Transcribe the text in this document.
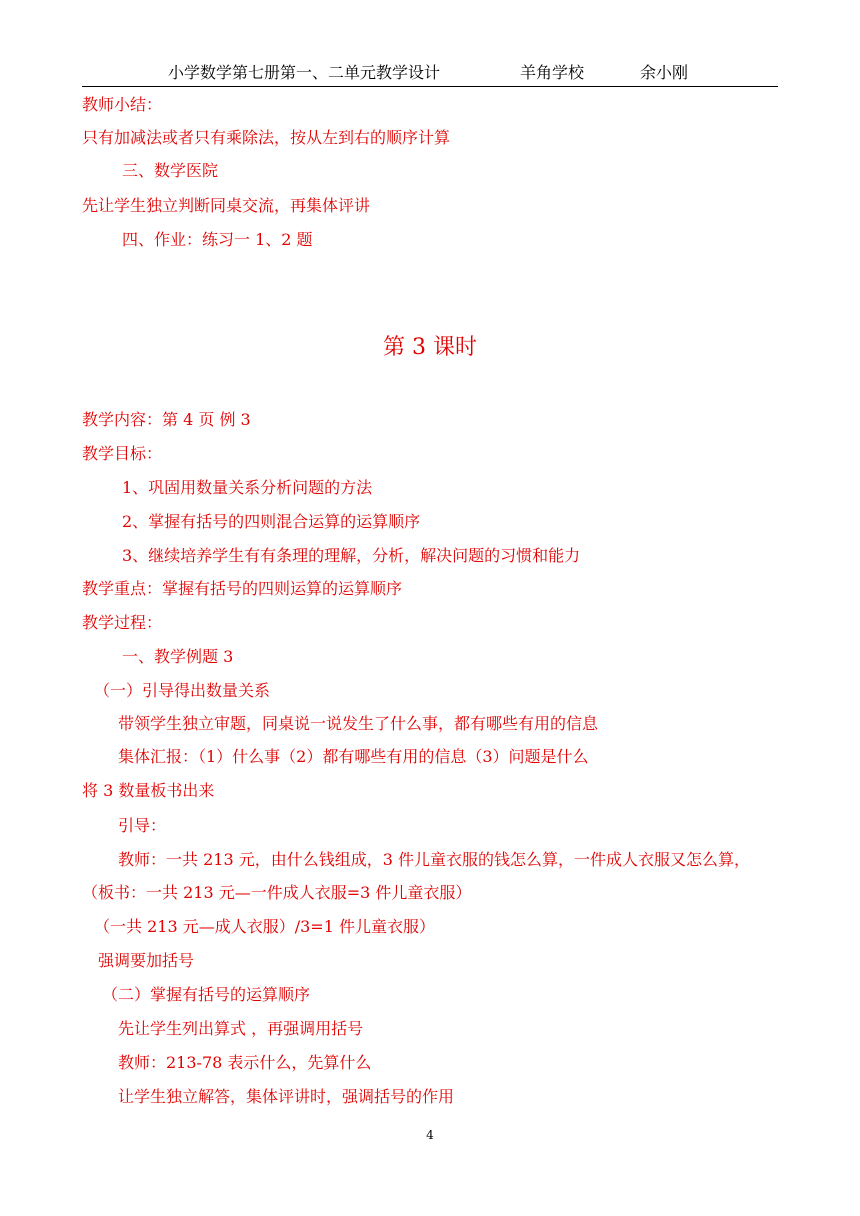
小学数学第七册第一、二单元教学设计	羊角学校	余小刚
教师小结：
只有加减法或者只有乘除法，按从左到右的顺序计算
三、数学医院
先让学生独立判断同桌交流，再集体评讲
四、作业：练习一 1、2 题
第 3 课时
教学内容：第 4 页 例 3
教学目标：
1、巩固用数量关系分析问题的方法
2、掌握有括号的四则混合运算的运算顺序
3、继续培养学生有有条理的理解，分析，解决问题的习惯和能力
教学重点：掌握有括号的四则运算的运算顺序
教学过程：
一、教学例题 3
（一）引导得出数量关系
带领学生独立审题，同桌说一说发生了什么事，都有哪些有用的信息
集体汇报：（1）什么事（2）都有哪些有用的信息（3）问题是什么
将 3 数量板书出来
引导：
教师：一共 213 元，由什么钱组成，3 件儿童衣服的钱怎么算，一件成人衣服又怎么算，
（板书：一共 213 元—一件成人衣服=3 件儿童衣服）
（一共 213 元—成人衣服）/3=1 件儿童衣服）
强调要加括号
（二）掌握有括号的运算顺序
先让学生列出算式 ，再强调用括号
教师：213-78 表示什么，先算什么
让学生独立解答，集体评讲时，强调括号的作用
4
